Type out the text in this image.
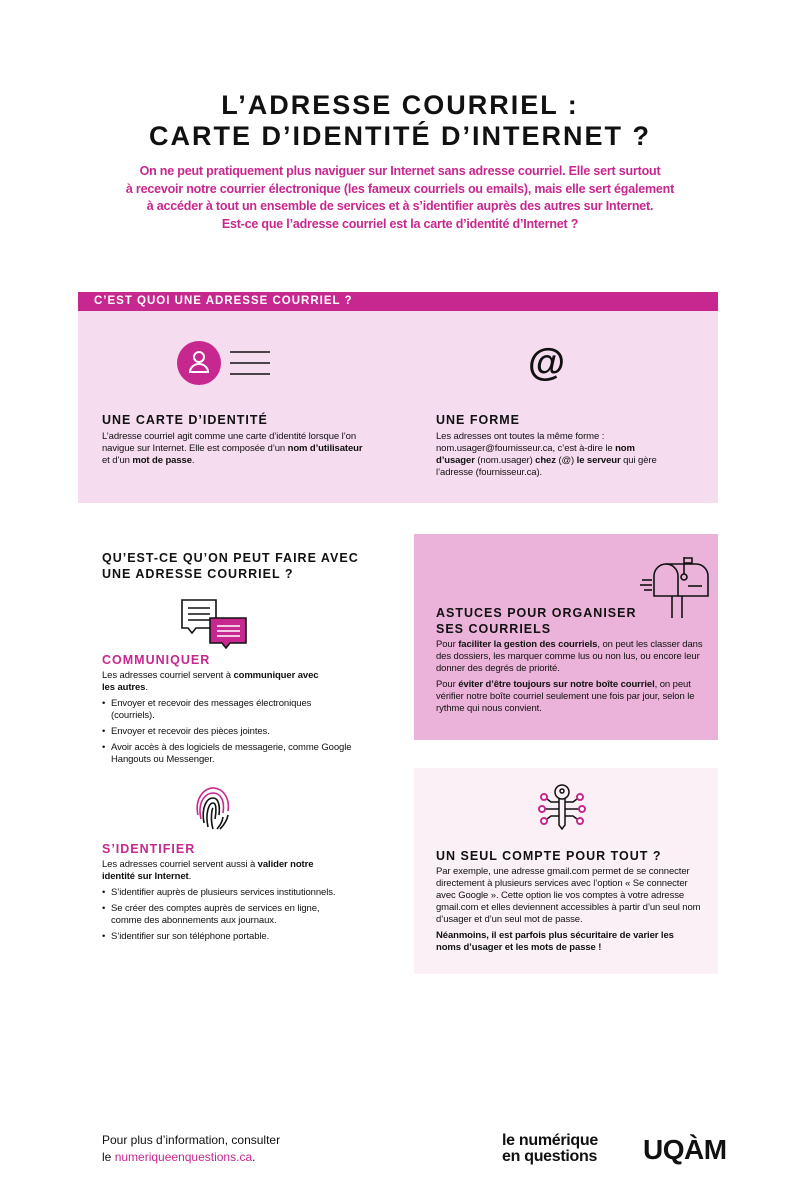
L’ADRESSE COURRIEL :
CARTE D’IDENTITÉ D’INTERNET ?
On ne peut pratiquement plus naviguer sur Internet sans adresse courriel. Elle sert surtout
à recevoir notre courrier électronique (les fameux courriels ou emails), mais elle sert également
à accéder à tout un ensemble de services et à s’identifier auprès des autres sur Internet.
Est-ce que l’adresse courriel est la carte d’identité d’Internet ?
C’EST QUOI UNE ADRESSE COURRIEL ?
@
UNE CARTE D’IDENTITÉ

L’adresse courriel agit comme une carte d’identité lorsque l’on navigue sur Internet. Elle est composée d’un nom d’utilisateur et d’un mot de passe.

UNE FORME

Les adresses ont toutes la même forme : nom.usager@fournisseur.ca, c’est à-dire le nom d’usager (nom.usager) chez (@) le serveur qui gère l’adresse (fournisseur.ca).

QU’EST-CE QU’ON PEUT FAIRE AVEC UNE ADRESSE COURRIEL ?
COMMUNIQUER

Les adresses courriel servent à communiquer avec les autres.

• Envoyer et recevoir des messages électroniques (courriels).
• Envoyer et recevoir des pièces jointes.
• Avoir accès à des logiciels de messagerie, comme Google Hangouts ou Messenger.
S’IDENTIFIER

Les adresses courriel servent aussi à valider notre identité sur Internet.

• S’identifier auprès de plusieurs services institutionnels.
• Se créer des comptes auprès de services en ligne, comme des abonnements aux journaux.
• S’identifier sur son téléphone portable.
ASTUCES POUR ORGANISER SES COURRIELS

Pour faciliter la gestion des courriels, on peut les classer dans des dossiers, les marquer comme lus ou non lus, ou encore leur donner des degrés de priorité.

Pour éviter d’être toujours sur notre boîte courriel, on peut vérifier notre boîte courriel seulement une fois par jour, selon le rythme qui nous convient.

UN SEUL COMPTE POUR TOUT ?

Par exemple, une adresse gmail.com permet de se connecter directement à plusieurs services avec l’option « Se connecter avec Google ». Cette option lie vos comptes à votre adresse gmail.com et elles deviennent accessibles à partir d’un seul nom d’usager et d’un seul mot de passe.

Néanmoins, il est parfois plus sécuritaire de varier les noms d’usager et les mots de passe !

Pour plus d’information, consulter
le numeriqueenquestions.ca.
le numérique
en questions UQÀM
